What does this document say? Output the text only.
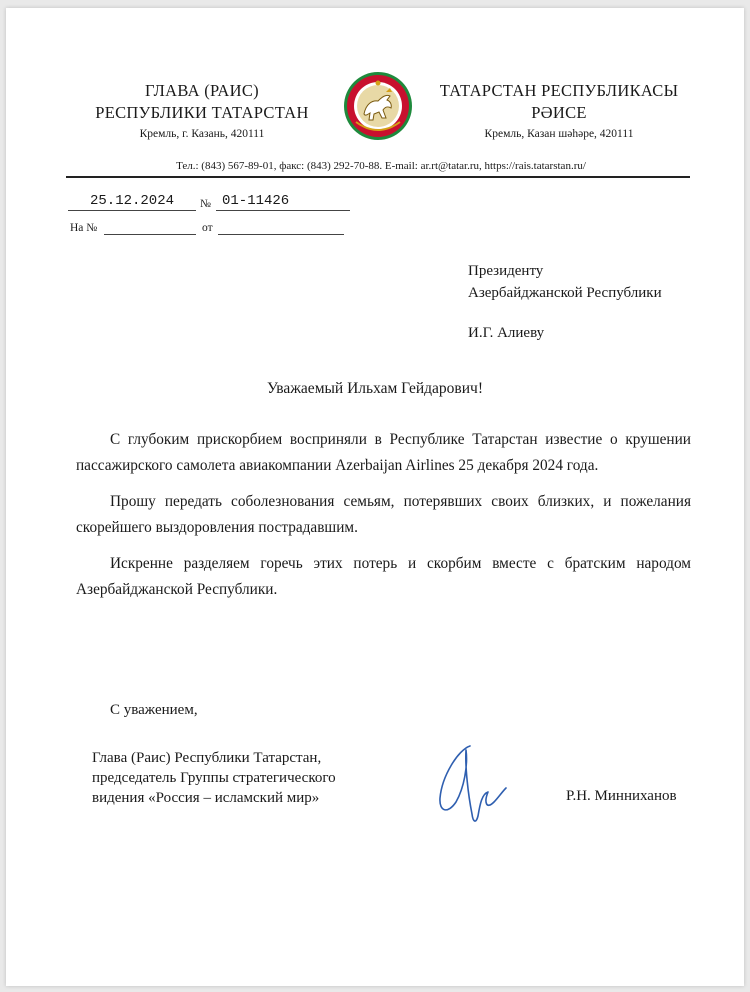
ГЛАВА (РАИС)
РЕСПУБЛИКИ ТАТАРСТАН
Кремль, г. Казань, 420111
ТАТАРСТАН РЕСПУБЛИКАСЫ
РӘИСЕ
Кремль, Казан шәһәре, 420111
Тел.: (843) 567-89-01, факс: (843) 292-70-88. E-mail: ar.rt@tatar.ru, https://rais.tatarstan.ru/
25.12.2024	№ 01-11426
На №	от
Президенту
Азербайджанской Республики
И.Г. Алиеву
Уважаемый Ильхам Гейдарович!
С глубоким прискорбием восприняли в Республике Татарстан известие о крушении пассажирского самолета авиакомпании Azerbaijan Airlines 25 декабря 2024 года.
Прошу передать соболезнования семьям, потерявших своих близких, и пожелания скорейшего выздоровления пострадавшим.
Искренне разделяем горечь этих потерь и скорбим вместе с братским народом Азербайджанской Республики.
С уважением,
Глава (Раис) Республики Татарстан,
председатель Группы стратегического
видения «Россия – исламский мир»	Р.Н. Минниханов
